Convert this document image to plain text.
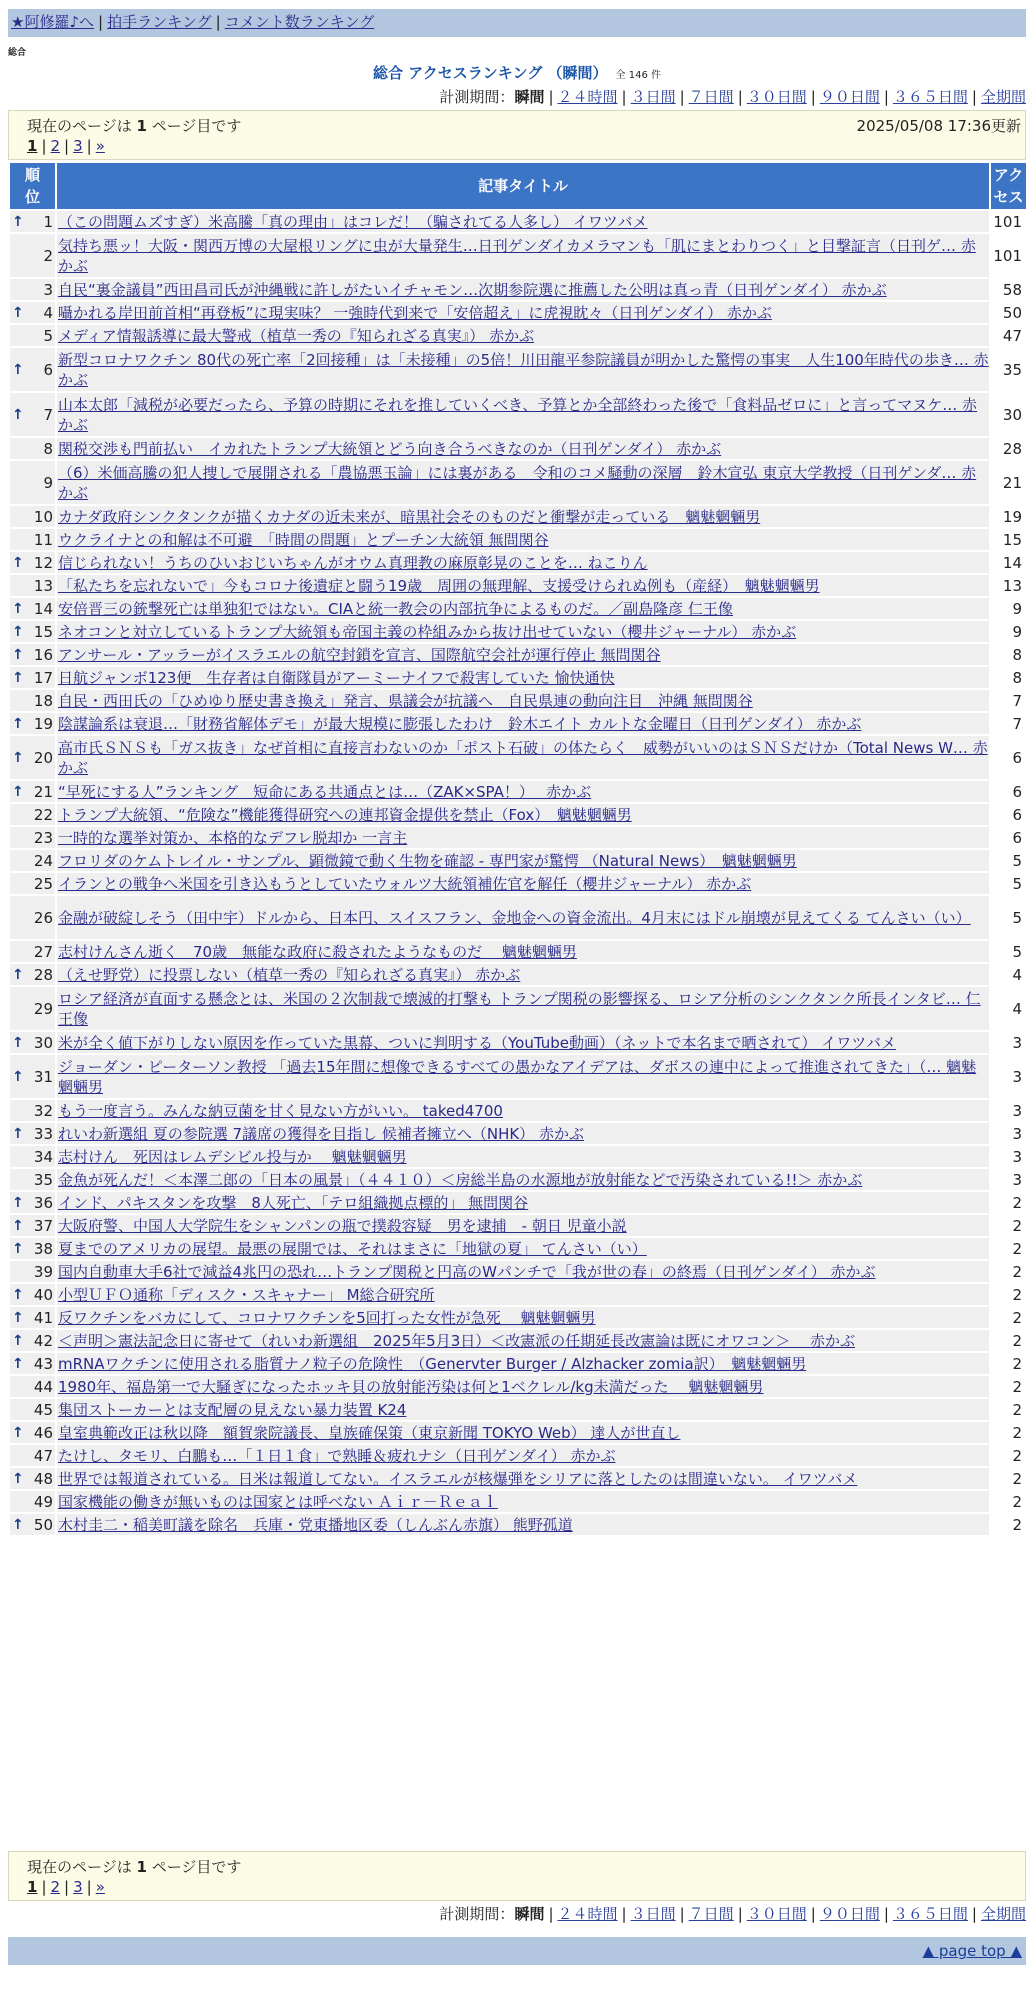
★阿修羅♪へ | 拍手ランキング | コメント数ランキング
総合
総合 アクセスランキング （瞬間） 全 146 件
計測期間：瞬間 | ２４時間 | ３日間 | ７日間 | ３０日間 | ９０日間 | ３６５日間 | 全期間
現在のページは 1 ページ目です	2025/05/08 17:36更新
1 | 2 | 3 | »
順位	記事タイトル	アクセス

↑ 1	（この問題ムズすぎ）米高騰「真の理由」はコレだ！（騙されてる人多し） イワツバメ	101
2	気持ち悪ッ！大阪・関西万博の大屋根リングに虫が大量発生…日刊ゲンダイカメラマンも「肌にまとわりつく」と目撃証言（日刊ゲ… 赤かぶ	101
3	自民“裏金議員”西田昌司氏が沖縄戦に許しがたいイチャモン…次期参院選に推薦した公明は真っ青（日刊ゲンダイ） 赤かぶ	58

↑ 4	囁かれる岸田前首相“再登板”に現実味？ 一強時代到来で「安倍超え」に虎視眈々（日刊ゲンダイ） 赤かぶ	50
5	メディア情報誘導に最大警戒（植草一秀の『知られざる真実』） 赤かぶ	47

↑ 6	新型コロナワクチン 80代の死亡率「2回接種」は「未接種」の5倍！川田龍平参院議員が明かした驚愕の事実　人生100年時代の歩き… 赤かぶ	35

↑ 7	山本太郎「減税が必要だったら、予算の時期にそれを推していくべき、予算とか全部終わった後で「食料品ゼロに」と言ってマヌケ… 赤かぶ	30
8	関税交渉も門前払い　イカれたトランプ大統領とどう向き合うべきなのか（日刊ゲンダイ） 赤かぶ	28
9	（6）米価高騰の犯人捜しで展開される「農協悪玉論」には裏がある　令和のコメ騒動の深層　鈴木宣弘 東京大学教授（日刊ゲンダ… 赤かぶ	21
10	カナダ政府シンクタンクが描くカナダの近未来が、暗黒社会そのものだと衝撃が走っている　魑魅魍魎男	19
11	ウクライナとの和解は不可避　「時間の問題」とプーチン大統領 無問関谷	15

↑ 12	信じられない！うちのひいおじいちゃんがオウム真理教の麻原彰晃のことを… ねこりん	14
13	「私たちを忘れないで」今もコロナ後遺症と闘う19歳　周囲の無理解、支援受けられぬ例も（産経）　魑魅魍魎男	13

↑ 14	安倍晋三の銃撃死亡は単独犯ではない。CIAと統一教会の内部抗争によるものだ。／副島隆彦 仁王像	9

↑ 15	ネオコンと対立しているトランプ大統領も帝国主義の枠組みから抜け出せていない（櫻井ジャーナル） 赤かぶ	9

↑ 16	アンサール・アッラーがイスラエルの航空封鎖を宣言、国際航空会社が運行停止 無問関谷	8

↑ 17	日航ジャンボ123便　生存者は自衛隊員がアーミーナイフで殺害していた 愉快通快	8
18	自民・西田氏の「ひめゆり歴史書き換え」発言、県議会が抗議へ　自民県連の動向注目　沖縄 無問関谷	7

↑ 19	陰謀論系は衰退…「財務省解体デモ」が最大規模に膨張したわけ　鈴木エイト カルトな金曜日（日刊ゲンダイ） 赤かぶ	7

↑ 20	高市氏ＳＮＳも「ガス抜き」なぜ首相に直接言わないのか「ポスト石破」の体たらく　威勢がいいのはＳＮＳだけか（Total News W… 赤かぶ	6

↑ 21	“早死にする人”ランキング　短命にある共通点とは…（ZAK×SPA！）　 赤かぶ	6
22	トランプ大統領、“危険な”機能獲得研究への連邦資金提供を禁止（Fox）　魑魅魍魎男	6
23	一時的な選挙対策か、本格的なデフレ脱却か 一言主	6
24	フロリダのケムトレイル・サンプル、顕微鏡で動く生物を確認 - 専門家が驚愕 （Natural News）　魑魅魍魎男	5
25	イランとの戦争へ米国を引き込もうとしていたウォルツ大統領補佐官を解任（櫻井ジャーナル） 赤かぶ	5
26	金融が破綻しそう（田中宇）ドルから、日本円、スイスフラン、金地金への資金流出。4月末にはドル崩壊が見えてくる てんさい（い）	5
27	志村けんさん逝く　70歳　無能な政府に殺されたようなものだ　 魑魅魍魎男	5

↑ 28	（えせ野党）に投票しない（植草一秀の『知られざる真実』） 赤かぶ	4
29	ロシア経済が直面する懸念とは、米国の２次制裁で壊滅的打撃も トランプ関税の影響探る、ロシア分析のシンクタンク所長インタビ… 仁王像	4

↑ 30	米が全く値下がりしない原因を作っていた黒幕、ついに判明する（YouTube動画）（ネットで本名まで晒されて） イワツバメ	3

↑ 31	ジョーダン・ピーターソン教授 「過去15年間に想像できるすべての愚かなアイデアは、ダボスの連中によって推進されてきた」（… 魑魅魍魎男	3
32	もう一度言う。みんな納豆菌を甘く見ない方がいい。 taked4700	3

↑ 33	れいわ新選組 夏の参院選 7議席の獲得を目指し 候補者擁立へ（NHK） 赤かぶ	3
34	志村けん　死因はレムデシビル投与か　 魑魅魍魎男	3
35	金魚が死んだ！＜本澤二郎の「日本の風景」（４４１０）＜房総半島の水源地が放射能などで汚染されている!!＞ 赤かぶ	3

↑ 36	インド、パキスタンを攻撃　8人死亡、「テロ組織拠点標的」 無問関谷	2

↑ 37	大阪府警、中国人大学院生をシャンパンの瓶で撲殺容疑　男を逮捕　- 朝日 児童小説	2

↑ 38	夏までのアメリカの展望。最悪の展開では、それはまさに「地獄の夏」 てんさい（い）	2
39	国内自動車大手6社で減益4兆円の恐れ…トランプ関税と円高のWパンチで「我が世の春」の終焉（日刊ゲンダイ） 赤かぶ	2

↑ 40	小型ＵＦＯ通称「ディスク・スキャナー」 M総合研究所	2

↑ 41	反ワクチンをバカにして、コロナワクチンを5回打った女性が急死　 魑魅魍魎男	2

↑ 42	＜声明＞憲法記念日に寄せて（れいわ新選組　2025年5月3日）＜改憲派の任期延長改憲論は既にオワコン＞　 赤かぶ	2

↑ 43	mRNAワクチンに使用される脂質ナノ粒子の危険性　（Genervter Burger / Alzhacker zomia訳）　魑魅魍魎男	2
44	1980年、福島第一で大騒ぎになったホッキ貝の放射能汚染は何と1ベクレル/kg未満だった　 魑魅魍魎男	2
45	集団ストーカーとは支配層の見えない暴力装置 K24	2

↑ 46	皇室典範改正は秋以降　額賀衆院議長、皇族確保策（東京新聞 TOKYO Web） 達人が世直し	2
47	たけし、タモリ、白鵬も…「１日１食」で熟睡＆疲れナシ（日刊ゲンダイ） 赤かぶ	2

↑ 48	世界では報道されている。日米は報道してない。イスラエルが核爆弾をシリアに落としたのは間違いない。 イワツバメ	2
49	国家機能の働きが無いものは国家とは呼べない Ａｉｒ－Ｒｅａｌ	2

↑ 50	木村圭二・稲美町議を除名　兵庫・党東播地区委（しんぶん赤旗） 熊野孤道	2
現在のページは 1 ページ目です
1 | 2 | 3 | »
計測期間：瞬間 | ２４時間 | ３日間 | ７日間 | ３０日間 | ９０日間 | ３６５日間 | 全期間
▲ page top ▲
